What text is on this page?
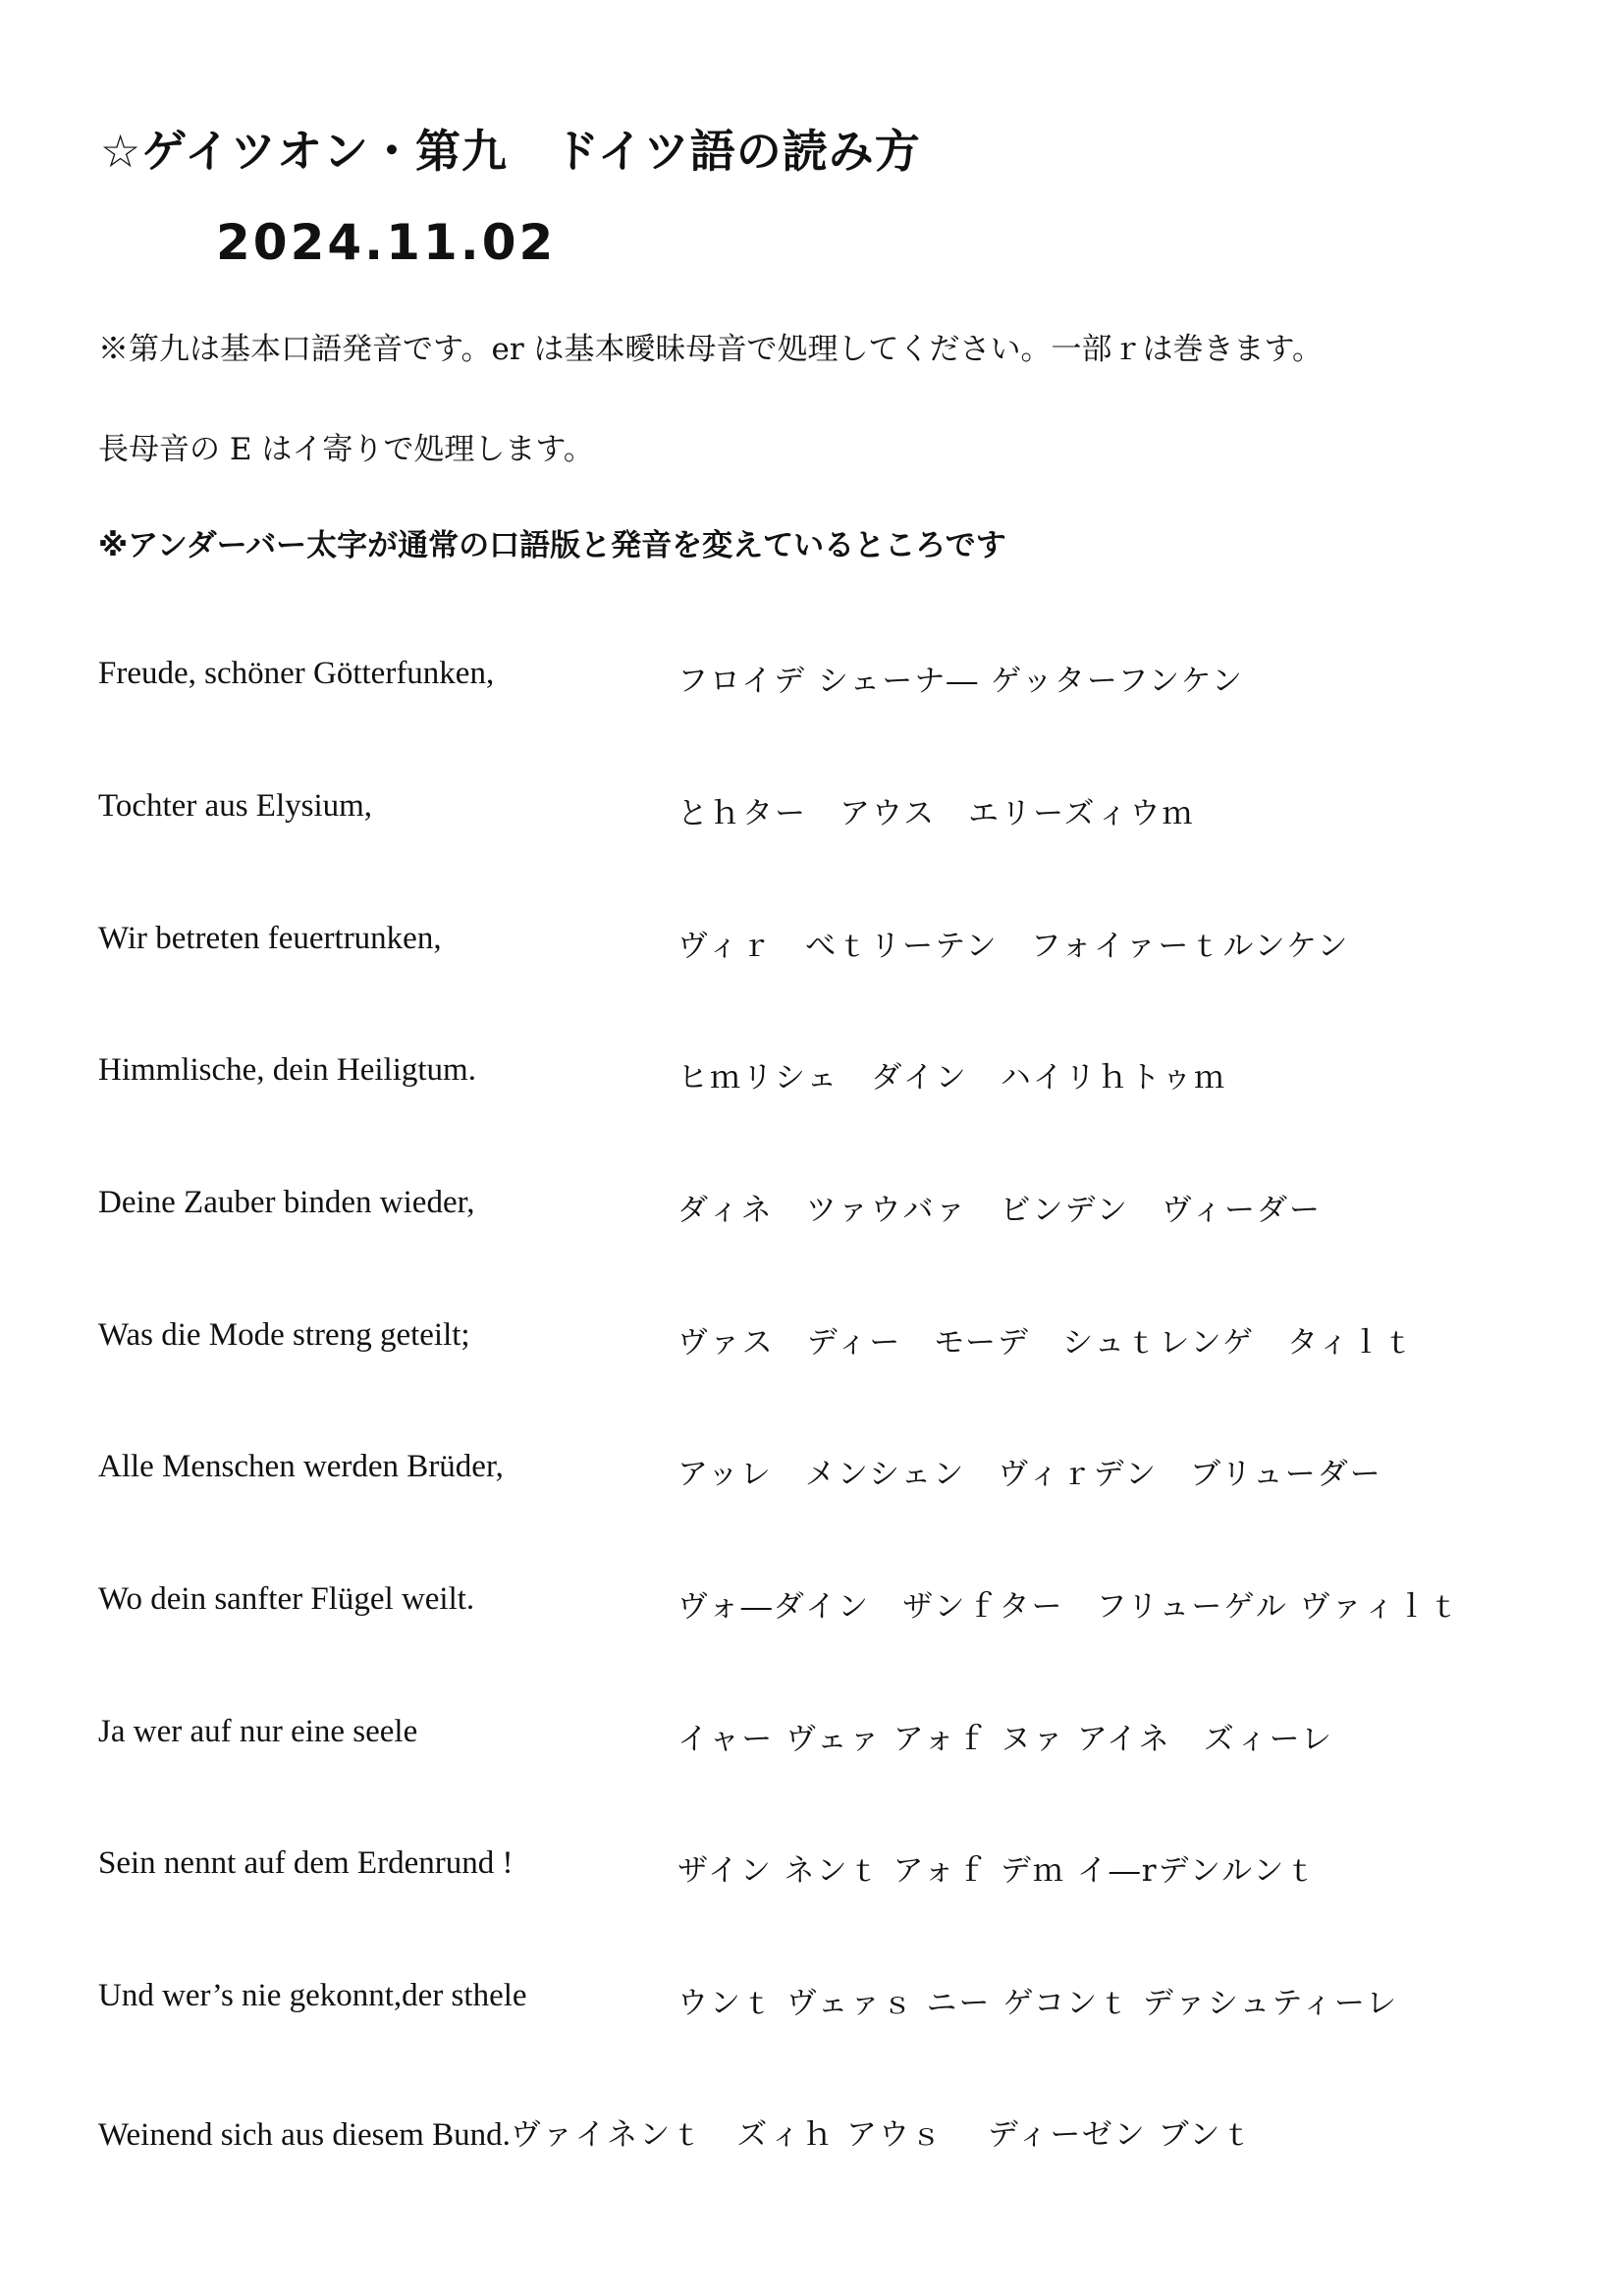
☆ゲイツオン・第九　ドイツ語の読み方
2024.11.02
※第九は基本口語発音です。er は基本曖昧母音で処理してください。一部ｒは巻きます。
長母音の E はイ寄りで処理します。
※アンダーバー太字が通常の口語版と発音を変えているところです
Freude, schöner Götterfunken,	フロイデ シェーナ― ゲッターフンケン
Tochter aus Elysium,	とｈター　アウス　エリーズィウｍ
Wir betreten feuertrunken,	ヴィｒ　べｔリーテン　フォイァーｔルンケン
Himmlische, dein Heiligtum.	ヒｍリシェ　ダイン　ハイリｈトゥｍ
Deine Zauber binden wieder,	ダィネ　ツァウバァ　ビンデン　ヴィーダー
Was die Mode streng geteilt;	ヴァス　ディー　モーデ　シュｔレンゲ　タィｌｔ
Alle Menschen werden Brüder,	アッレ　メンシェン　ヴィｒデン　ブリューダー
Wo dein sanfter Flügel weilt.	ヴォ―ダイン　ザンｆター　フリューゲル ヴァィｌｔ
Ja wer auf nur eine seele	イャー ヴェァ アォｆ ヌァ アイネ　ズィーレ
Sein nennt auf dem Erdenrund !	ザイン ネンｔ アォｆ デｍ イ―rデンルンｔ
Und wer’s nie gekonnt,der sthele	ウンｔ ヴェァｓ ニー ゲコンｔ デァシュティーレ
Weinend sich aus diesem Bund.ヴァイネンｔ　ズィｈ アウｓ　 ディーゼン ブンｔ
